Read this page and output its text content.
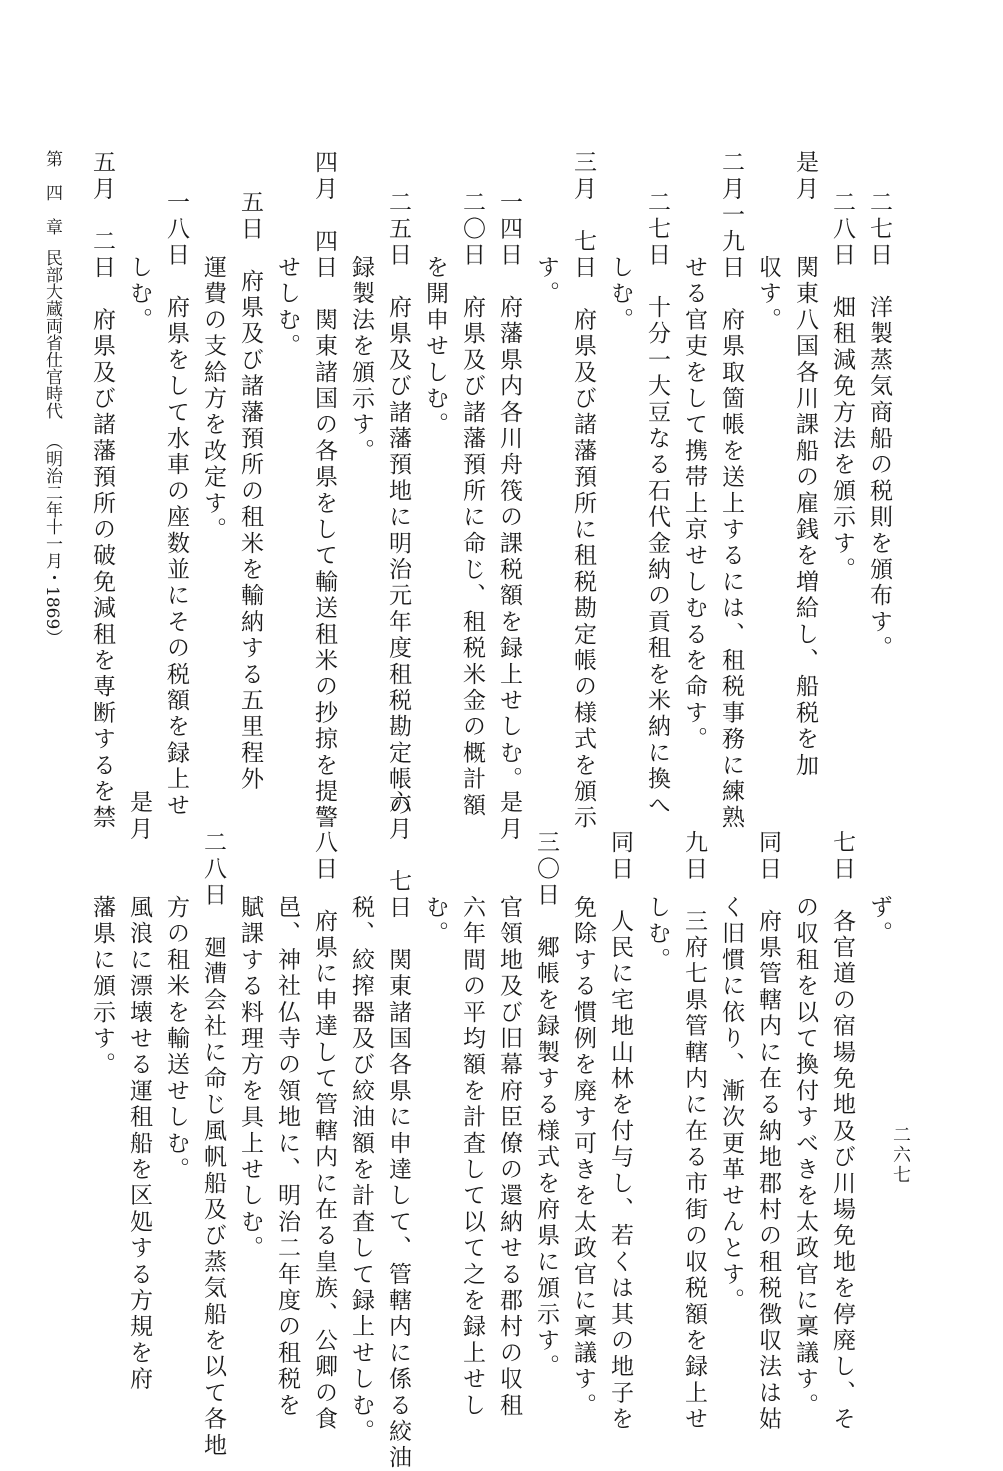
第　四　章民部大蔵両省仕官時代（明治二年十一月・1869）	二七日　洋製蒸気商船の税則を頒布す。
二八日　畑租減免方法を頒示す。
是月　　関東八国各川課船の雇銭を増給し、船税を加
　　　　収す。
二月一九日　府県取箇帳を送上するには、租税事務に練熟
　　　　せる官吏をして携帯上京せしむるを命す。
二七日　十分一大豆なる石代金納の貢租を米納に換へ
　　　　しむ。
三月　七日　府県及び諸藩預所に租税勘定帳の様式を頒示
　　　　す。
一四日　府藩県内各川舟筏の課税額を録上せしむ。
二〇日　府県及び諸藩預所に命じ、租税米金の概計額
　　　　を開申せしむ。
二五日　府県及び諸藩預地に明治元年度租税勘定帳の
　　　　録製法を頒示す。
四月　四日　関東諸国の各県をして輸送租米の抄掠を提警
　　　　せしむ。
五日　府県及び諸藩預所の租米を輸納する五里程外
　　　　運費の支給方を改定す。
一八日　府県をして水車の座数並にその税額を録上せ
　　　　しむ。
五月　二日　府県及び諸藩預所の破免減租を専断するを禁
　　　　ず。
七日　各官道の宿場免地及び川場免地を停廃し、そ
　　　　の収租を以て換付すべきを太政官に稟議す。
同日　府県管轄内に在る納地郡村の租税徴収法は姑
　　　　く旧慣に依り、漸次更革せんとす。
九日　三府七県管轄内に在る市街の収税額を録上せ
　　　　しむ。
同日　人民に宅地山林を付与し、若くは其の地子を
　　　　免除する慣例を廃す可きを太政官に稟議す。
三〇日　郷帳を録製する様式を府県に頒示す。
是月　　官領地及び旧幕府臣僚の還納せる郡村の収租
　　　　六年間の平均額を計査して以て之を録上せし
　　　　む。
六月　七日　関東諸国各県に申達して、管轄内に係る絞油
　　　　税、絞搾器及び絞油額を計査して録上せしむ。
八日　府県に申達して管轄内に在る皇族、公卿の食
　　　　邑、神社仏寺の領地に、明治二年度の租税を
　　　　賦課する料理方を具上せしむ。
二八日　廻漕会社に命じ風帆船及び蒸気船を以て各地
　　　　方の租米を輸送せしむ。
是月　　風浪に漂壊せる運租船を区処する方規を府
　　　　藩県に頒示す。
二六七
